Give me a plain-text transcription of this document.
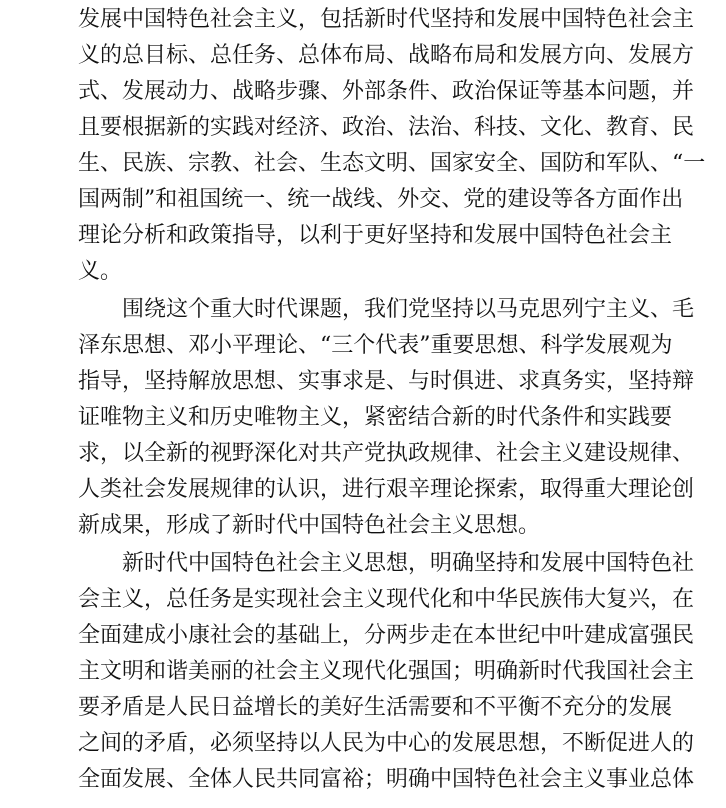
发展中国特色社会主义，包括新时代坚持和发展中国特色社会主
义的总目标、总任务、总体布局、战略布局和发展方向、发展方
式、发展动力、战略步骤、外部条件、政治保证等基本问题，并
且要根据新的实践对经济、政治、法治、科技、文化、教育、民
生、民族、宗教、社会、生态文明、国家安全、国防和军队、“一
国两制”和祖国统一、统一战线、外交、党的建设等各方面作出
理论分析和政策指导，以利于更好坚持和发展中国特色社会主
义。
围绕这个重大时代课题，我们党坚持以马克思列宁主义、毛
泽东思想、邓小平理论、“三个代表”重要思想、科学发展观为
指导，坚持解放思想、实事求是、与时俱进、求真务实，坚持辩
证唯物主义和历史唯物主义，紧密结合新的时代条件和实践要
求，以全新的视野深化对共产党执政规律、社会主义建设规律、
人类社会发展规律的认识，进行艰辛理论探索，取得重大理论创
新成果，形成了新时代中国特色社会主义思想。
新时代中国特色社会主义思想，明确坚持和发展中国特色社
会主义，总任务是实现社会主义现代化和中华民族伟大复兴，在
全面建成小康社会的基础上，分两步走在本世纪中叶建成富强民
主文明和谐美丽的社会主义现代化强国；明确新时代我国社会主
要矛盾是人民日益增长的美好生活需要和不平衡不充分的发展
之间的矛盾，必须坚持以人民为中心的发展思想，不断促进人的
全面发展、全体人民共同富裕；明确中国特色社会主义事业总体
